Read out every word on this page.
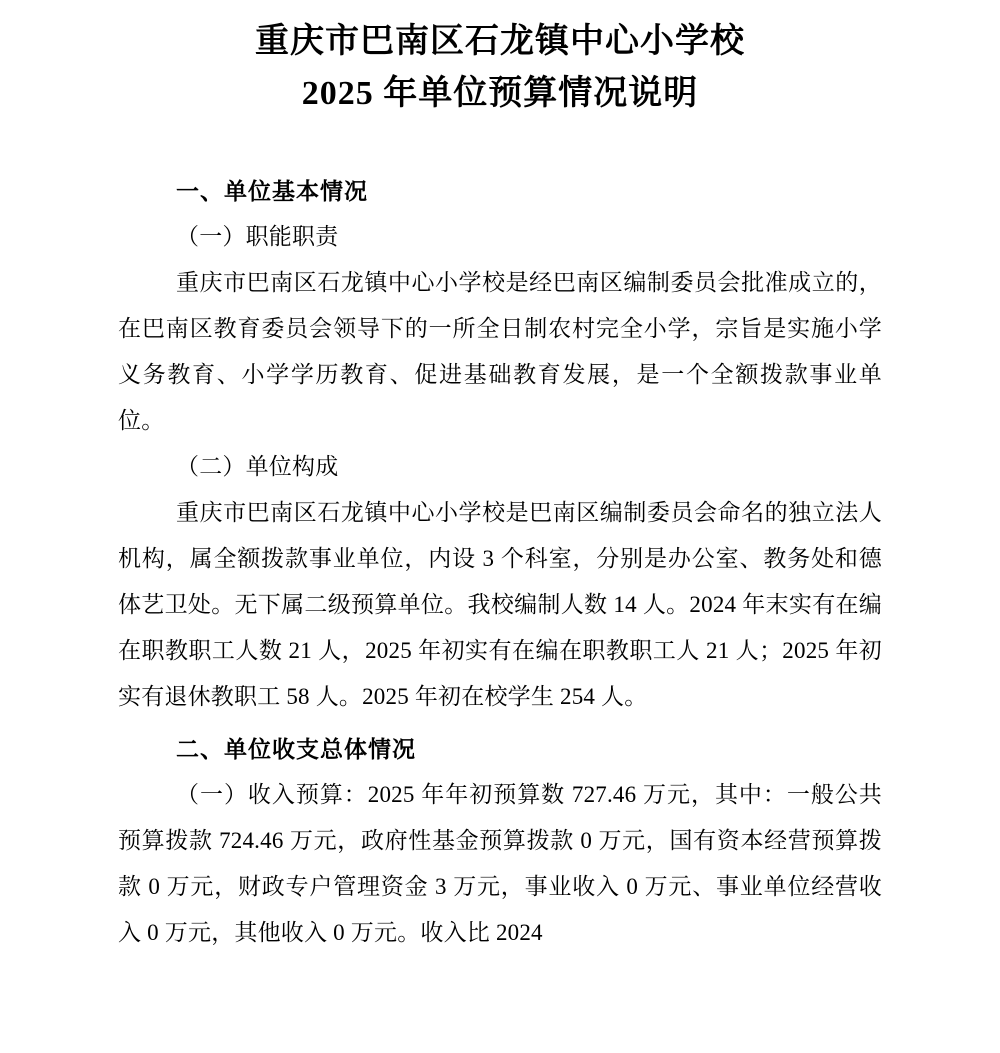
重庆市巴南区石龙镇中心小学校
2025 年单位预算情况说明
一、单位基本情况

（一）职能职责

重庆市巴南区石龙镇中心小学校是经巴南区编制委员会批准成立的，在巴南区教育委员会领导下的一所全日制农村完全小学，宗旨是实施小学义务教育、小学学历教育、促进基础教育发展，是一个全额拨款事业单位。

（二）单位构成

重庆市巴南区石龙镇中心小学校是巴南区编制委员会命名的独立法人机构，属全额拨款事业单位，内设 3 个科室，分别是办公室、教务处和德体艺卫处。无下属二级预算单位。我校编制人数 14 人。2024 年末实有在编在职教职工人数 21 人，2025 年初实有在编在职教职工人 21 人；2025 年初实有退休教职工 58 人。2025 年初在校学生 254 人。

二、单位收支总体情况

（一）收入预算：2025 年年初预算数 727.46 万元，其中：一般公共预算拨款 724.46 万元，政府性基金预算拨款 0 万元，国有资本经营预算拨款 0 万元，财政专户管理资金 3 万元，事业收入 0 万元、事业单位经营收入 0 万元，其他收入 0 万元。收入比 2024
